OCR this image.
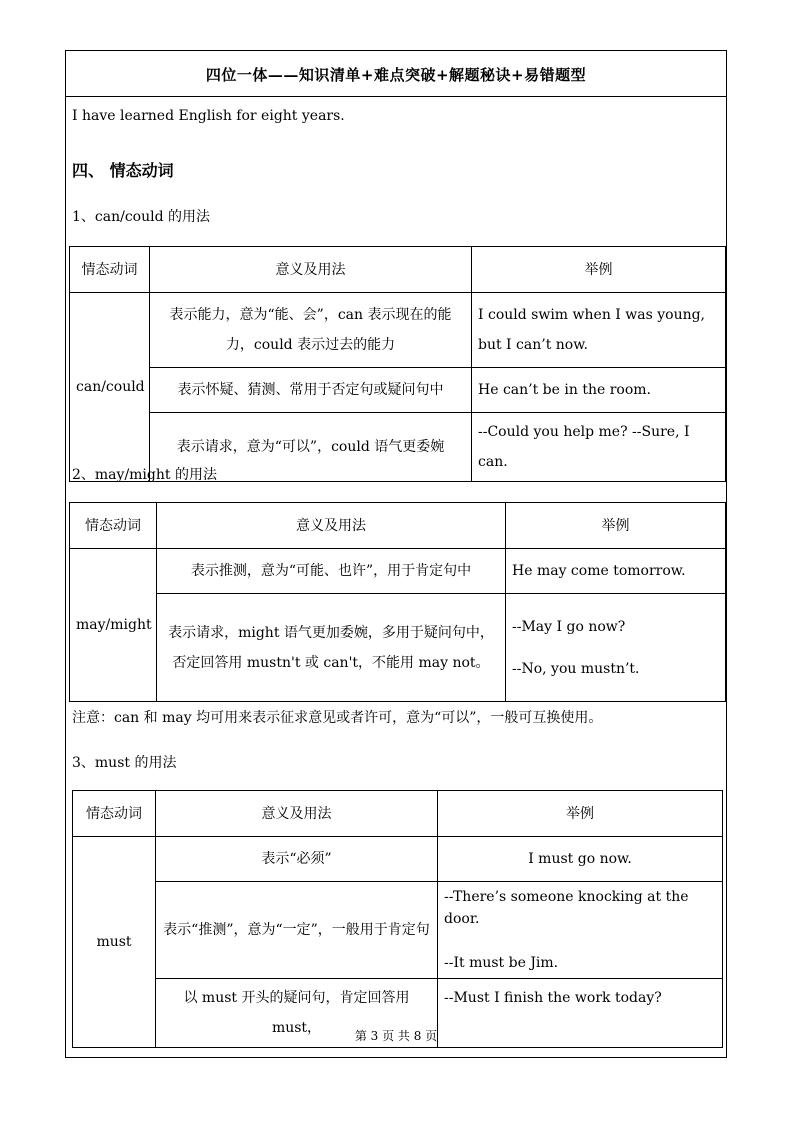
四位一体——知识清单+难点突破+解题秘诀+易错题型
I have learned English for eight years.
四、 情态动词
1、can/could 的用法
情态动词	意义及用法	举例
can/could	表示能力，意为“能、会”，can 表示现在的能力，could 表示过去的能力	I could swim when I was young, but I can’t now.
	表示怀疑、猜测、常用于否定句或疑问句中	He can’t be in the room.
	表示请求，意为“可以”，could 语气更委婉	--Could you help me? --Sure, I can.
2、may/might 的用法
情态动词	意义及用法	举例
may/might	表示推测，意为“可能、也许”，用于肯定句中	He may come tomorrow.
	表示请求，might 语气更加委婉，多用于疑问句中，否定回答用 mustn't 或 can't，不能用 may not。	--May I go now?
--No, you mustn’t.
注意：can 和 may 均可用来表示征求意见或者许可，意为“可以”，一般可互换使用。
3、must 的用法
情态动词	意义及用法	举例
must	表示“必须”	I must go now.
	表示“推测”，意为“一定”，一般用于肯定句	--There’s someone knocking at the door.
--It must be Jim.

	以 must 开头的疑问句，肯定回答用 must，	--Must I finish the work today?
第 3 页 共 8 页
